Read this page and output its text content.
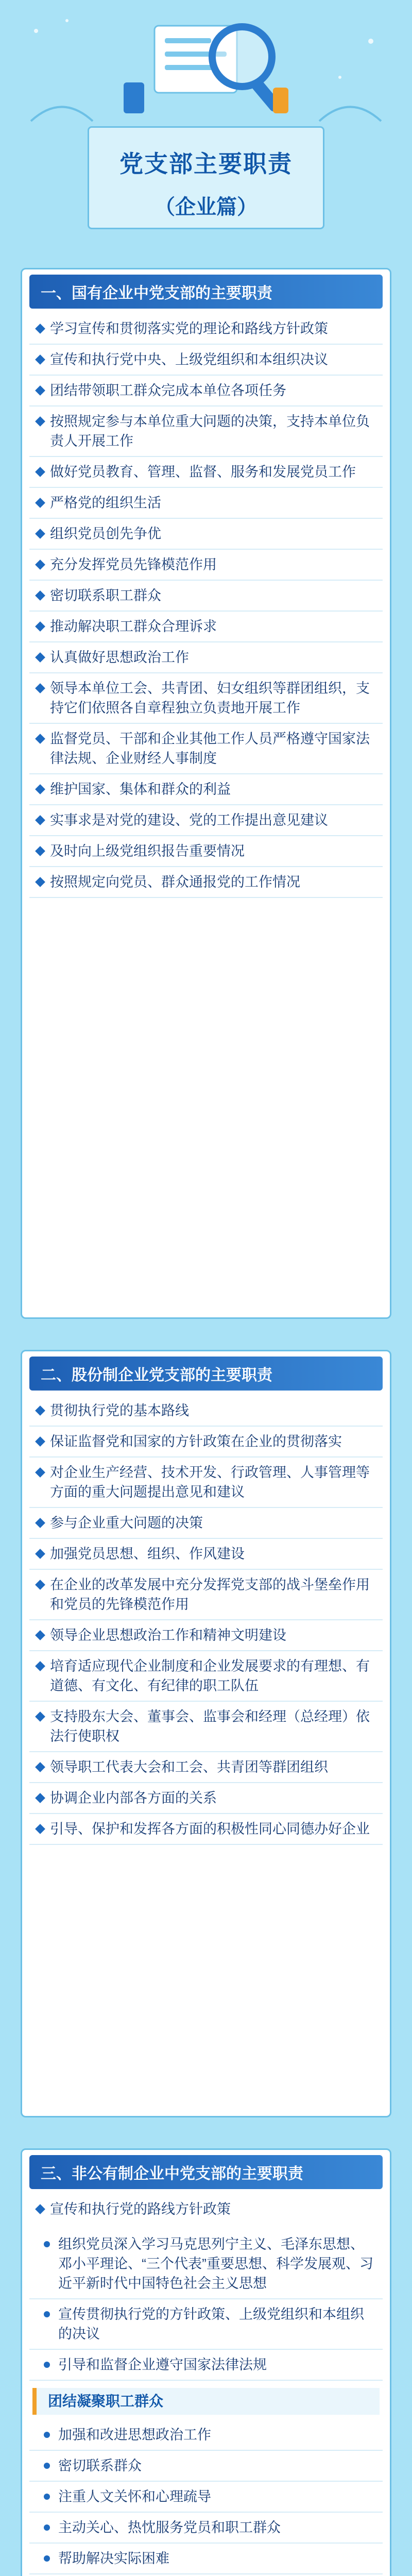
党支部主要职责
（企业篇）
一、国有企业中党支部的主要职责
学习宣传和贯彻落实党的理论和路线方针政策
宣传和执行党中央、上级党组织和本组织决议
团结带领职工群众完成本单位各项任务
按照规定参与本单位重大问题的决策，支持本单位负责人开展工作
做好党员教育、管理、监督、服务和发展党员工作
严格党的组织生活
组织党员创先争优
充分发挥党员先锋模范作用
密切联系职工群众
推动解决职工群众合理诉求
认真做好思想政治工作
领导本单位工会、共青团、妇女组织等群团组织，支持它们依照各自章程独立负责地开展工作
监督党员、干部和企业其他工作人员严格遵守国家法律法规、企业财经人事制度
维护国家、集体和群众的利益
实事求是对党的建设、党的工作提出意见建议
及时向上级党组织报告重要情况
按照规定向党员、群众通报党的工作情况
二、股份制企业党支部的主要职责
贯彻执行党的基本路线
保证监督党和国家的方针政策在企业的贯彻落实
对企业生产经营、技术开发、行政管理、人事管理等方面的重大问题提出意见和建议
参与企业重大问题的决策
加强党员思想、组织、作风建设
在企业的改革发展中充分发挥党支部的战斗堡垒作用和党员的先锋模范作用
领导企业思想政治工作和精神文明建设
培育适应现代企业制度和企业发展要求的有理想、有道德、有文化、有纪律的职工队伍
支持股东大会、董事会、监事会和经理（总经理）依法行使职权
领导职工代表大会和工会、共青团等群团组织
协调企业内部各方面的关系
引导、保护和发挥各方面的积极性同心同德办好企业
三、非公有制企业中党支部的主要职责
宣传和执行党的路线方针政策
组织党员深入学习马克思列宁主义、毛泽东思想、邓小平理论、“三个代表”重要思想、科学发展观、习近平新时代中国特色社会主义思想
宣传贯彻执行党的方针政策、上级党组织和本组织的决议
引导和监督企业遵守国家法律法规
团结凝聚职工群众
加强和改进思想政治工作
密切联系群众
注重人文关怀和心理疏导
主动关心、热忱服务党员和职工群众
帮助解决实际困难
